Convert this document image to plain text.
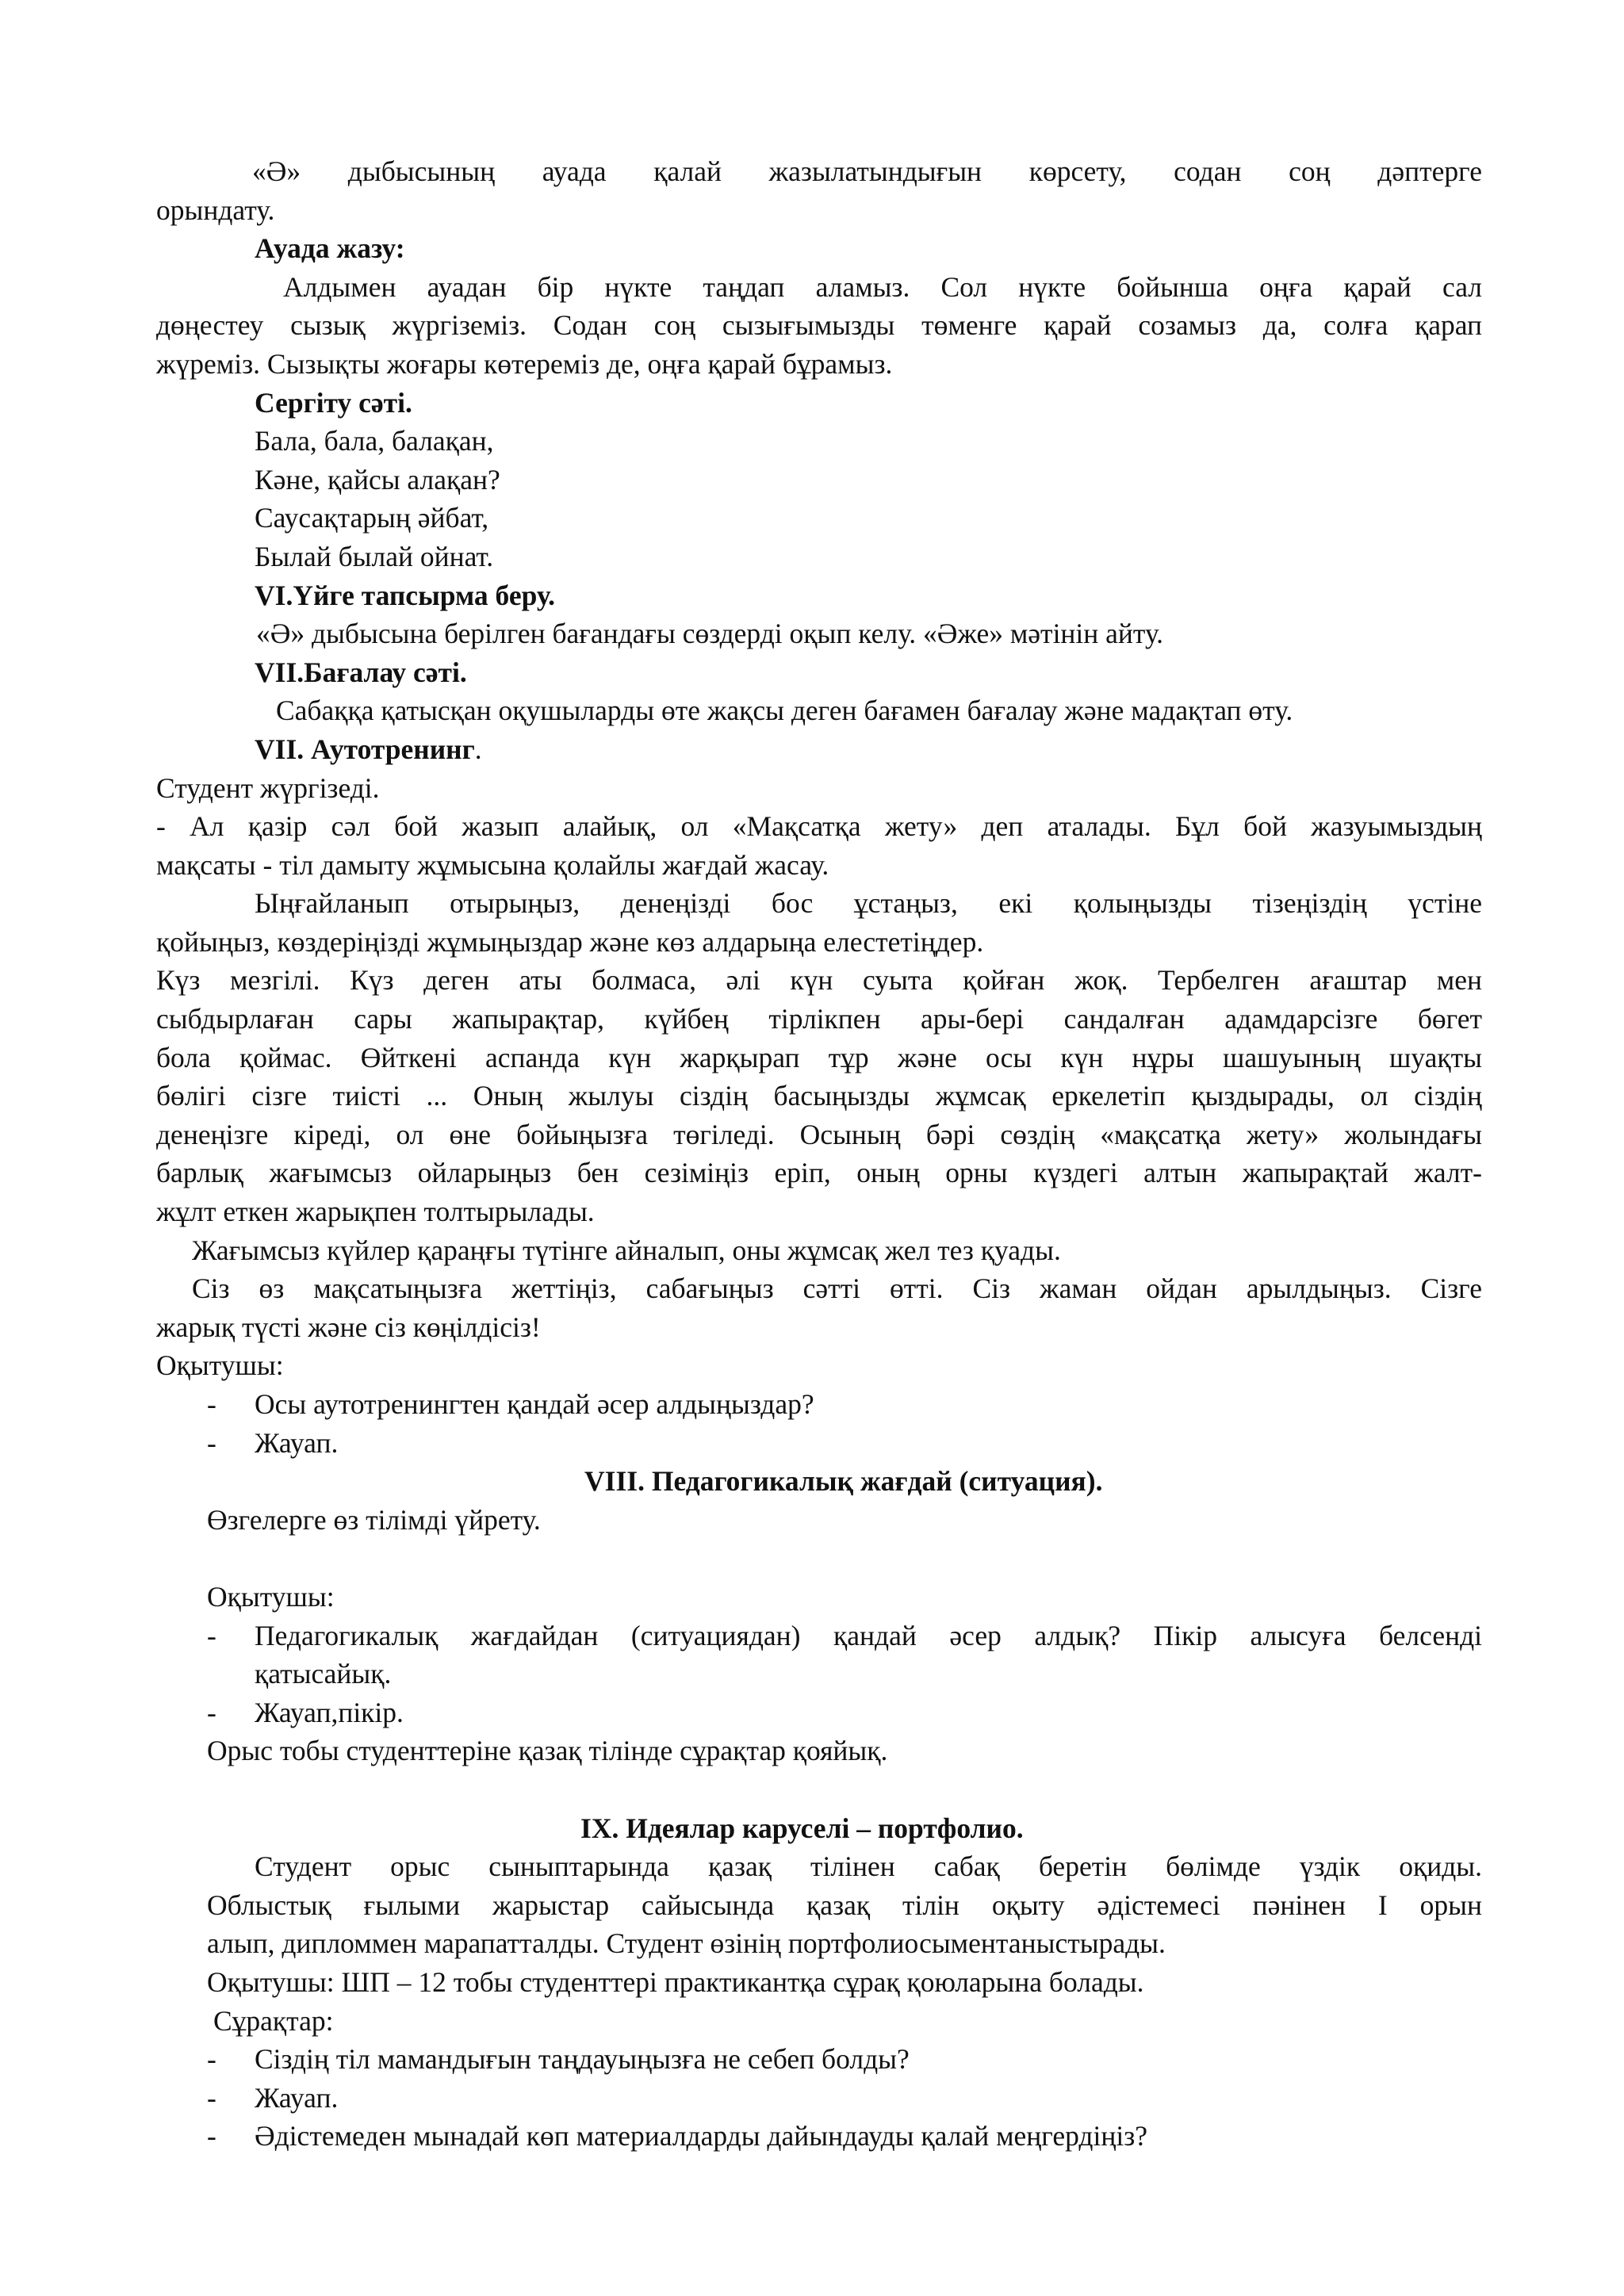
«Ә» дыбысының ауада қалай жазылатындығын көрсету, содан соң дәптерге
орындату.
Ауада жазу:
Алдымен ауадан бір нүкте таңдап аламыз. Сол нүкте бойынша оңға қарай сал
дөңестеу сызық жүргіземіз. Содан соң сызығымызды төменге қарай созамыз да, солға қарап
жүреміз. Сызықты жоғары көтереміз де, оңға қарай бұрамыз.
Сергіту сәті.
Бала, бала, балақан,
Кәне, қайсы алақан?
Саусақтарың әйбат,
Былай былай ойнат.
VI.Үйге тапсырма беру.
«Ә» дыбысына берілген бағандағы сөздерді оқып келу. «Әже» мәтінін айту.
VII.Бағалау сәті.
Сабаққа қатысқан оқушыларды өте жақсы деген бағамен бағалау және мадақтап өту.
VII. Аутотренинг.
Студент жүргізеді.
- Ал қазір сәл бой жазып алайық, ол «Мақсатқа жету» деп аталады. Бұл бой жазуымыздың
мақсаты - тіл дамыту жұмысына қолайлы жағдай жасау.
Ыңғайланып отырыңыз, денеңізді бос ұстаңыз, екі қолыңызды тізеңіздің үстіне
қойыңыз, көздеріңізді жұмыңыздар және көз алдарыңа елестетіңдер.
Күз мезгілі. Күз деген аты болмаса, әлі күн суыта қойған жоқ. Тербелген ағаштар мен
сыбдырлаған сары жапырақтар, күйбең тірлікпен ары-бері сандалған адамдарсізге бөгет
бола қоймас. Өйткені аспанда күн жарқырап тұр және осы күн нұры шашуының шуақты
бөлігі сізге тиісті ... Оның жылуы сіздің басыңызды жұмсақ еркелетіп қыздырады, ол сіздің
денеңізге кіреді, ол өне бойыңызға төгіледі. Осының бәрі сөздің «мақсатқа жету» жолындағы
барлық жағымсыз ойларыңыз бен сезіміңіз еріп, оның орны күздегі алтын жапырақтай жалт-
жұлт еткен жарықпен толтырылады.
Жағымсыз күйлер қараңғы түтінге айналып, оны жұмсақ жел тез қуады.
Сіз өз мақсатыңызға жеттіңіз, сабағыңыз сәтті өтті. Сіз жаман ойдан арылдыңыз. Сізге
жарық түсті және сіз көңілдісіз!
Оқытушы:
- Осы аутотренингтен қандай әсер алдыңыздар?
- Жауап.
VIII. Педагогикалық жағдай (ситуация).
Өзгелерге өз тілімді үйрету.
Оқытушы:
- Педагогикалық жағдайдан (ситуациядан) қандай әсер алдық? Пікір алысуға белсенді
қатысайық.
- Жауап,пікір.
Орыс тобы студенттеріне қазақ тілінде сұрақтар қояйық.
IX. Идеялар каруселі – портфолио.
Студент орыс сыныптарында қазақ тілінен сабақ беретін бөлімде үздік оқиды.
Облыстық ғылыми жарыстар сайысында қазақ тілін оқыту әдістемесі пәнінен І орын
алып, дипломмен марапатталды. Студент өзінің портфолиосыментаныстырады.
Оқытушы: ШП – 12 тобы студенттері практикантқа сұрақ қоюларына болады.
Сұрақтар:
- Сіздің тіл мамандығын таңдауыңызға не себеп болды?
- Жауап.
- Әдістемеден мынадай көп материалдарды дайындауды қалай меңгердіңіз?
